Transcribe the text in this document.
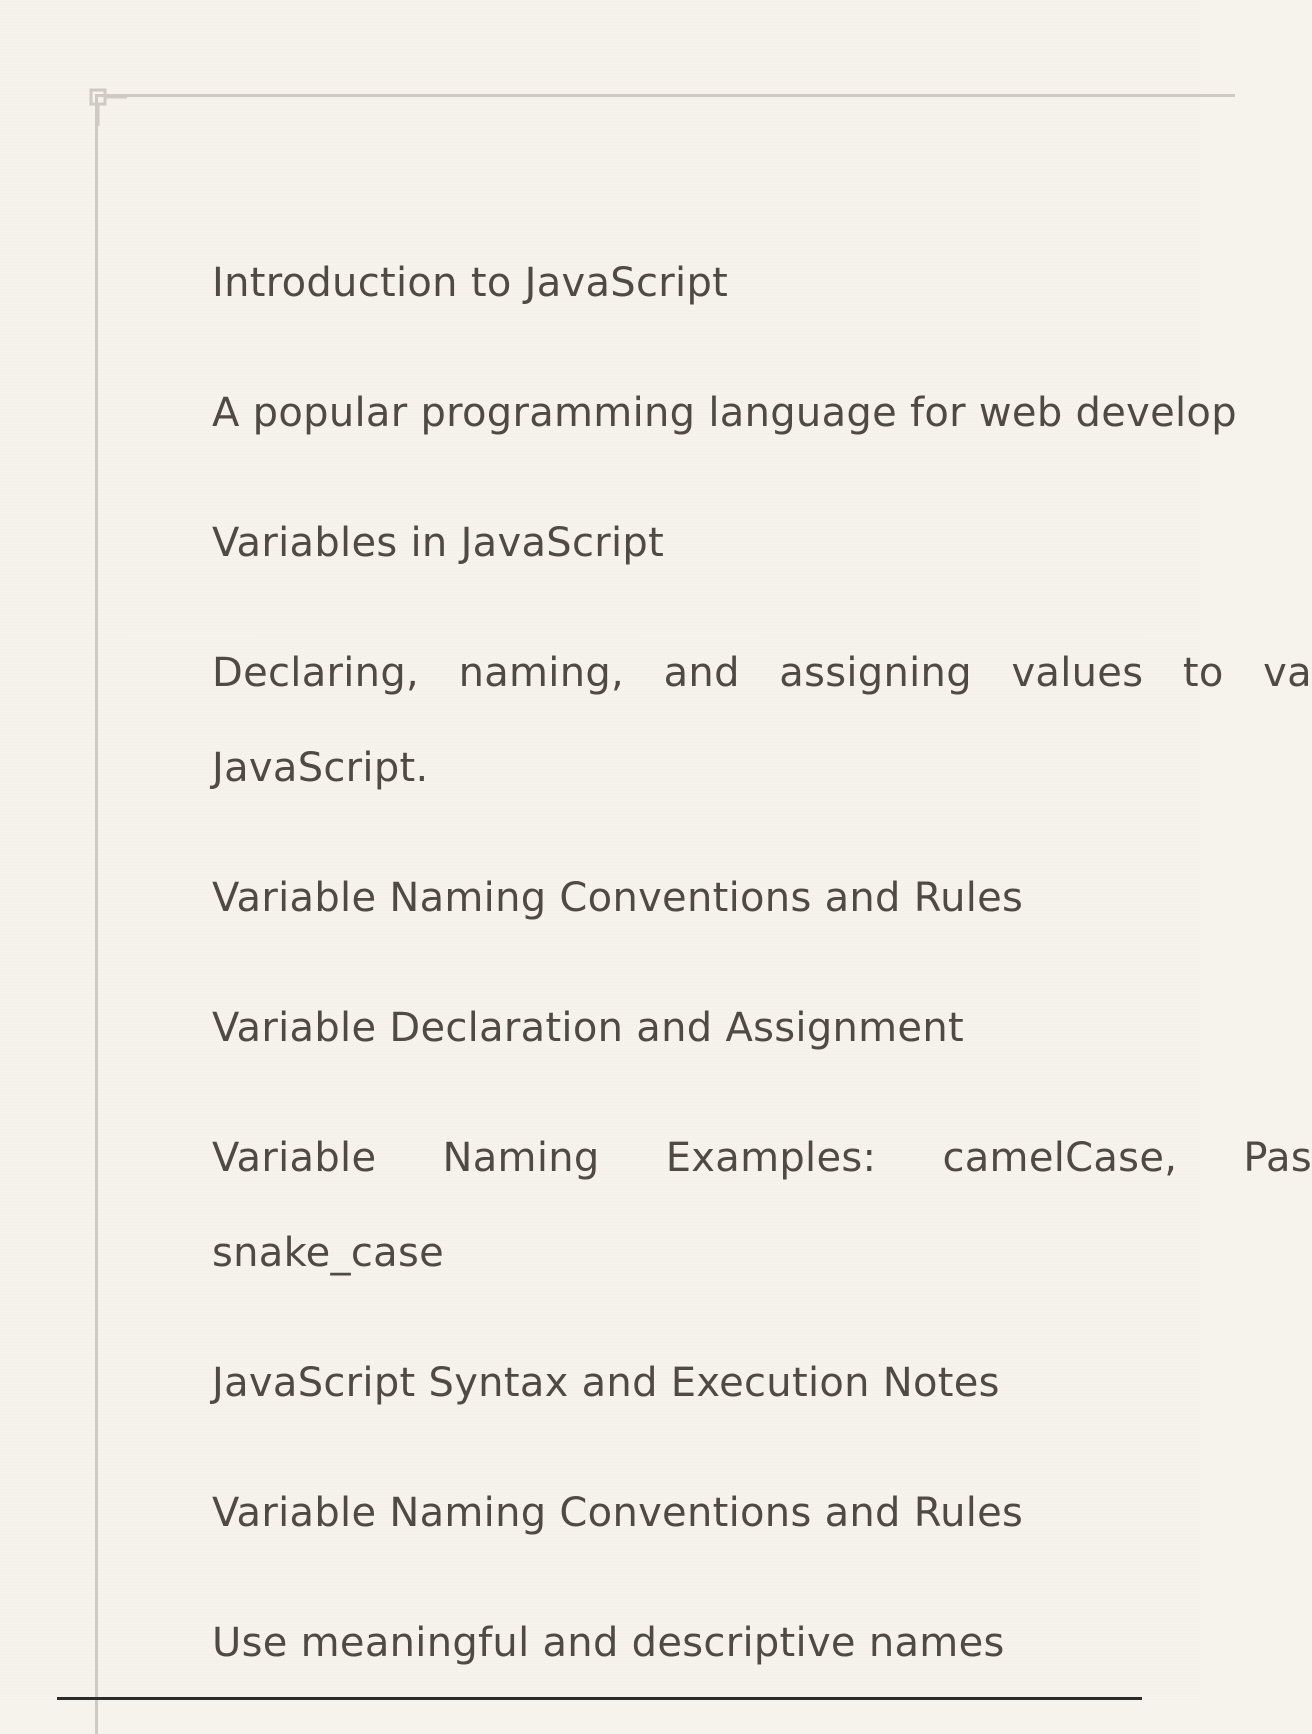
Introduction to JavaScript
A popular programming language for web develop
Variables in JavaScript
Declaring, naming, and assigning values to va
JavaScript.
Variable Naming Conventions and Rules
Variable Declaration and Assignment
Variable Naming Examples: camelCase, Pas
snake_case
JavaScript Syntax and Execution Notes
Variable Naming Conventions and Rules
Use meaningful and descriptive names
